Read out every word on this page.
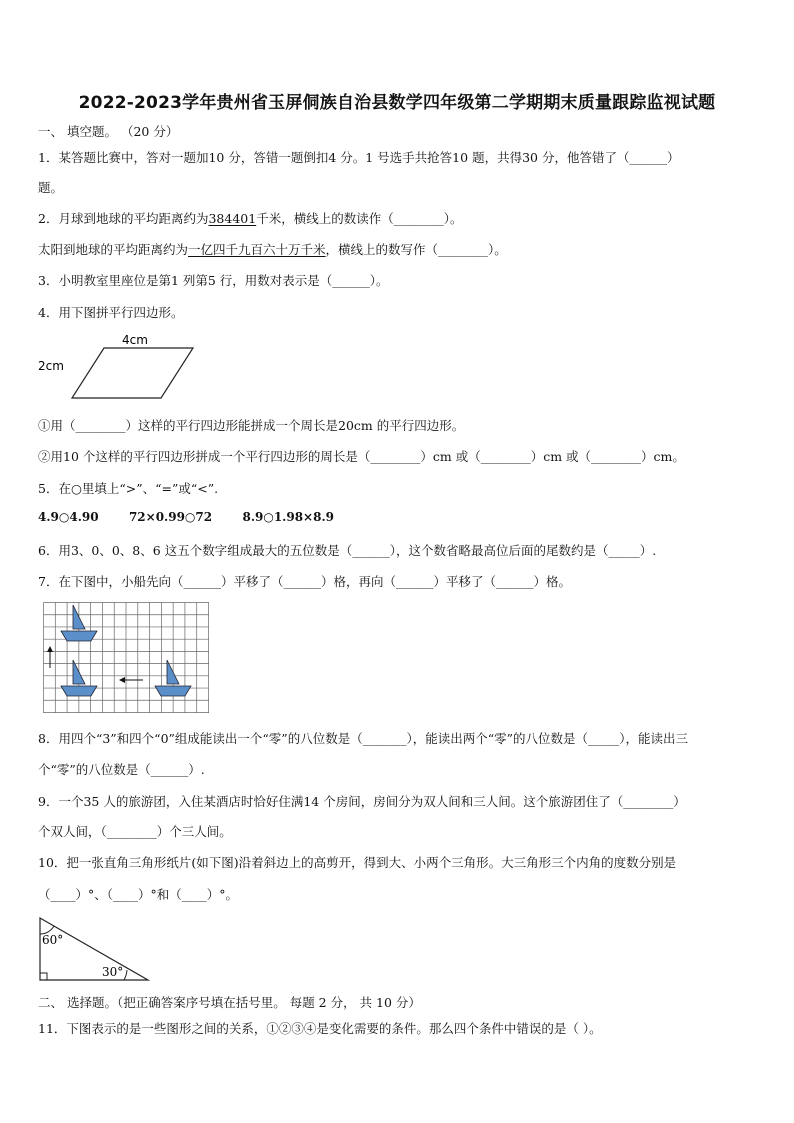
2022-2023学年贵州省玉屏侗族自治县数学四年级第二学期期末质量跟踪监视试题
一、 填空题。 （20 分）
1．某答题比赛中，答对一题加10 分，答错一题倒扣4 分。1 号选手共抢答10 题，共得30 分，他答错了（______）
题。
2．月球到地球的平均距离约为384401千米，横线上的数读作（________）。
太阳到地球的平均距离约为一亿四千九百六十万千米，横线上的数写作（________）。
3．小明教室里座位是第1 列第5 行，用数对表示是（______）。
4．用下图拼平行四边形。
4cm
2cm
①用（________）这样的平行四边形能拼成一个周长是20cm 的平行四边形。
②用10 个这样的平行四边形拼成一个平行四边形的周长是（________）cm 或（________）cm 或（________）cm。
5．在○里填上“>”、“=”或“<”.
4.9○4.90	72×0.99○72	8.9○1.98×8.9
6．用3、0、0、8、6 这五个数字组成最大的五位数是（______），这个数省略最高位后面的尾数约是（_____）.
7．在下图中，小船先向（______）平移了（______）格，再向（______）平移了（______）格。
8．用四个“3”和四个“0”组成能读出一个“零”的八位数是（_______），能读出两个“零”的八位数是（_____），能读出三
个“零”的八位数是（______）.
9．一个35 人的旅游团，入住某酒店时恰好住满14 个房间，房间分为双人间和三人间。这个旅游团住了（________）
个双人间，（________）个三人间。
10．把一张直角三角形纸片(如下图)沿着斜边上的高剪开，得到大、小两个三角形。大三角形三个内角的度数分别是
（____）°、（____）°和（____）°。
60°
30°
二、 选择题。（把正确答案序号填在括号里。 每题 2 分， 共 10 分）
11．下图表示的是一些图形之间的关系，①②③④是变化需要的条件。那么四个条件中错误的是（ ）。
